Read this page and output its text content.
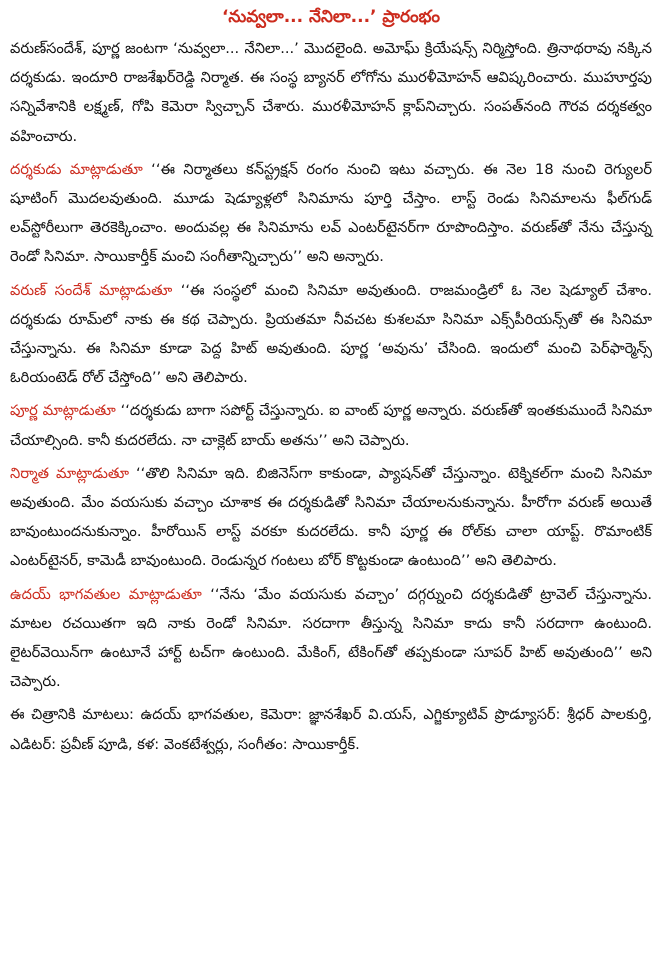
‘నువ్వలా... నేనిలా...’ ప్రారంభం

వరుణ్‌సందేశ్, పూర్ణ జంటగా ‘నువ్వలా... నేనిలా...’ మొదలైంది. అమోఘ్ క్రియేషన్స్ నిర్మిస్తోంది. త్రినాథరావు నక్కిన దర్శకుడు. ఇందూరి రాజశేఖర్‌రెడ్డి నిర్మాత. ఈ సంస్థ బ్యానర్ లోగోను మురళీమోహన్ ఆవిష్కరించారు. ముహూర్తపు సన్నివేశానికి లక్ష్మణ్, గోపి కెమెరా స్విచ్చాన్ చేశారు. మురళీమోహన్ క్లాప్‌నిచ్చారు. సంపత్‌నంది గౌరవ దర్శకత్వం వహించారు.

దర్శకుడు మాట్లాడుతూ ‘‘ఈ నిర్మాతలు కన్‌స్ట్రక్షన్ రంగం నుంచి ఇటు వచ్చారు. ఈ నెల 18 నుంచి రెగ్యులర్ షూటింగ్ మొదలవుతుంది. మూడు షెడ్యూళ్లలో సినిమాను పూర్తి చేస్తాం. లాస్ట్ రెండు సినిమాలను ఫీల్‌గుడ్ లవ్‌స్టోరీలుగా తెరకెక్కించాం. అందువల్ల ఈ సినిమాను లవ్ ఎంటర్‌టైనర్‌గా రూపొందిస్తాం. వరుణ్‌తో నేను చేస్తున్న రెండో సినిమా. సాయికార్తీక్ మంచి సంగీతాన్నిచ్చారు’’ అని అన్నారు.

వరుణ్ సందేశ్ మాట్లాడుతూ ‘‘ఈ సంస్థలో మంచి సినిమా అవుతుంది. రాజమండ్రిలో ఓ నెల షెడ్యూల్ చేశాం. దర్శకుడు రూమ్‌లో నాకు ఈ కథ చెప్పారు. ప్రియతమా నీవచట కుశలమా సినిమా ఎక్స్‌పీరియన్స్‌తో ఈ సినిమా చేస్తున్నాను. ఈ సినిమా కూడా పెద్ద హిట్ అవుతుంది. పూర్ణ ‘అవును’ చేసింది. ఇందులో మంచి పెర్‌ఫార్మెన్స్ ఓరియంటెడ్ రోల్ చేస్తోంది’’ అని తెలిపారు.

పూర్ణ మాట్లాడుతూ ‘‘దర్శకుడు బాగా సపోర్ట్ చేస్తున్నారు. ఐ వాంట్ పూర్ణ అన్నారు. వరుణ్‌తో ఇంతకుముందే సినిమా చేయాల్సింది. కానీ కుదరలేదు. నా చాక్లెట్ బాయ్ అతను’’ అని చెప్పారు.

నిర్మాత మాట్లాడుతూ ‘‘తొలి సినిమా ఇది. బిజినెస్‌గా కాకుండా, ప్యాషన్‌తో చేస్తున్నాం. టెక్నికల్‌గా మంచి సినిమా అవుతుంది. మేం వయసుకు వచ్చాం చూశాక ఈ దర్శకుడితో సినిమా చేయాలనుకున్నాను. హీరోగా వరుణ్ అయితే బావుంటుందనుకున్నాం. హీరోయిన్ లాస్ట్ వరకూ కుదరలేదు. కానీ పూర్ణ ఈ రోల్‌కు చాలా యాప్ట్. రొమాంటిక్ ఎంటర్‌టైనర్, కామెడీ బావుంటుంది. రెండున్నర గంటలు బోర్ కొట్టకుండా ఉంటుంది’’ అని తెలిపారు.

ఉదయ్ భాగవతుల మాట్లాడుతూ ‘‘నేను ‘మేం వయసుకు వచ్చాం’ దగ్గర్నుంచి దర్శకుడితో ట్రావెల్ చేస్తున్నాను. మాటల రచయితగా ఇది నాకు రెండో సినిమా. సరదాగా తీస్తున్న సినిమా కాదు కానీ సరదాగా ఉంటుంది. లైటర్‌వెయిన్‌గా ఉంటూనే హార్ట్ టచ్‌గా ఉంటుంది. మేకింగ్, టేకింగ్‌తో తప్పకుండా సూపర్ హిట్ అవుతుంది’’ అని చెప్పారు.

ఈ చిత్రానికి మాటలు: ఉదయ్ భాగవతుల, కెమెరా: జ్ఞానశేఖర్ వి.యస్, ఎగ్జిక్యూటివ్ ప్రొడ్యూసర్: శ్రీధర్ పాలకుర్తి, ఎడిటర్: ప్రవీణ్ పూడి, కళ: వెంకటేశ్వర్లు, సంగీతం: సాయికార్తీక్.
